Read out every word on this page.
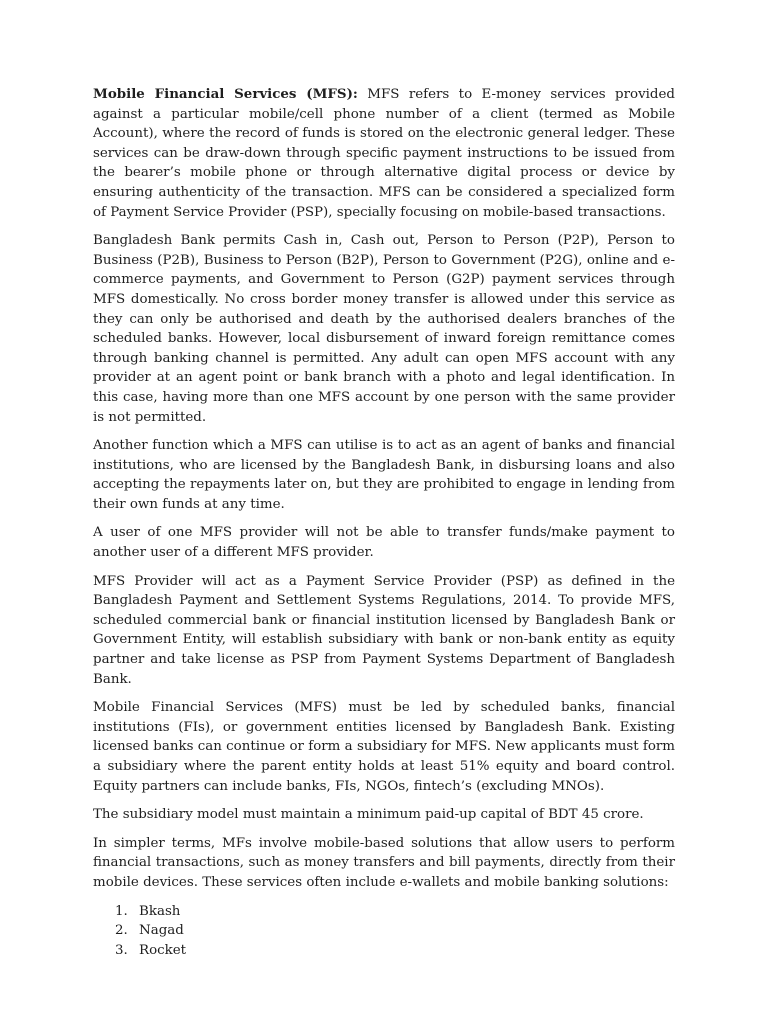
Mobile Financial Services (MFS): MFS refers to E-money services provided against a particular mobile/cell phone number of a client (termed as Mobile Account), where the record of funds is stored on the electronic general ledger. These services can be draw-down through specific payment instructions to be issued from the bearer’s mobile phone or through alternative digital process or device by ensuring authenticity of the transaction. MFS can be considered a specialized form of Payment Service Provider (PSP), specially focusing on mobile-based transactions.

Bangladesh Bank permits Cash in, Cash out, Person to Person (P2P), Person to Business (P2B), Business to Person (B2P), Person to Government (P2G), online and e-commerce payments, and Government to Person (G2P) payment services through MFS domestically. No cross border money transfer is allowed under this service as they can only be authorised and death by the authorised dealers branches of the scheduled banks. However, local disbursement of inward foreign remittance comes through banking channel is permitted. Any adult can open MFS account with any provider at an agent point or bank branch with a photo and legal identification. In this case, having more than one MFS account by one person with the same provider is not permitted.

Another function which a MFS can utilise is to act as an agent of banks and financial institutions, who are licensed by the Bangladesh Bank, in disbursing loans and also accepting the repayments later on, but they are prohibited to engage in lending from their own funds at any time.

A user of one MFS provider will not be able to transfer funds/make payment to another user of a different MFS provider.

MFS Provider will act as a Payment Service Provider (PSP) as defined in the Bangladesh Payment and Settlement Systems Regulations, 2014. To provide MFS, scheduled commercial bank or financial institution licensed by Bangladesh Bank or Government Entity, will establish subsidiary with bank or non-bank entity as equity partner and take license as PSP from Payment Systems Department of Bangladesh Bank.

Mobile Financial Services (MFS) must be led by scheduled banks, financial institutions (FIs), or government entities licensed by Bangladesh Bank. Existing licensed banks can continue or form a subsidiary for MFS. New applicants must form a subsidiary where the parent entity holds at least 51% equity and board control. Equity partners can include banks, FIs, NGOs, fintech’s (excluding MNOs).

The subsidiary model must maintain a minimum paid-up capital of BDT 45 crore.

In simpler terms, MFs involve mobile-based solutions that allow users to perform financial transactions, such as money transfers and bill payments, directly from their mobile devices. These services often include e-wallets and mobile banking solutions:

1. Bkash
2. Nagad
3. Rocket
